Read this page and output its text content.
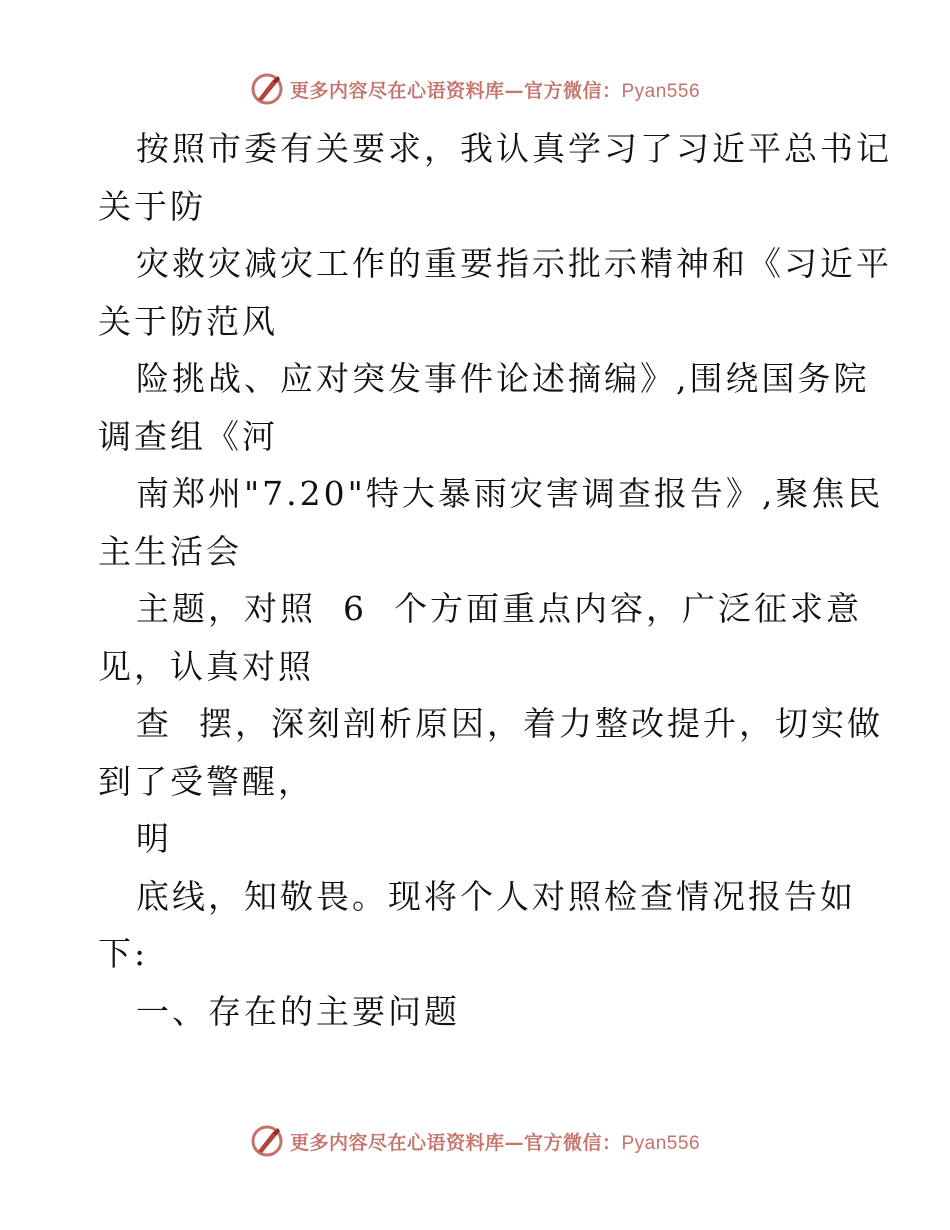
更多内容尽在心语资料库—官方微信：Pyan556
按照市委有关要求，我认真学习了习近平总书记
关于防
灾救灾减灾工作的重要指示批示精神和《习近平
关于防范风
险挑战、应对突发事件论述摘编》,围绕国务院
调查组《河
南郑州"7.20"特大暴雨灾害调查报告》,聚焦民
主生活会
主题，对照  6  个方面重点内容，广泛征求意
见，认真对照
查  摆，深刻剖析原因，着力整改提升，切实做
到了受警醒，
明
底线，知敬畏。现将个人对照检查情况报告如
下:
一、存在的主要问题
更多内容尽在心语资料库—官方微信：Pyan556
